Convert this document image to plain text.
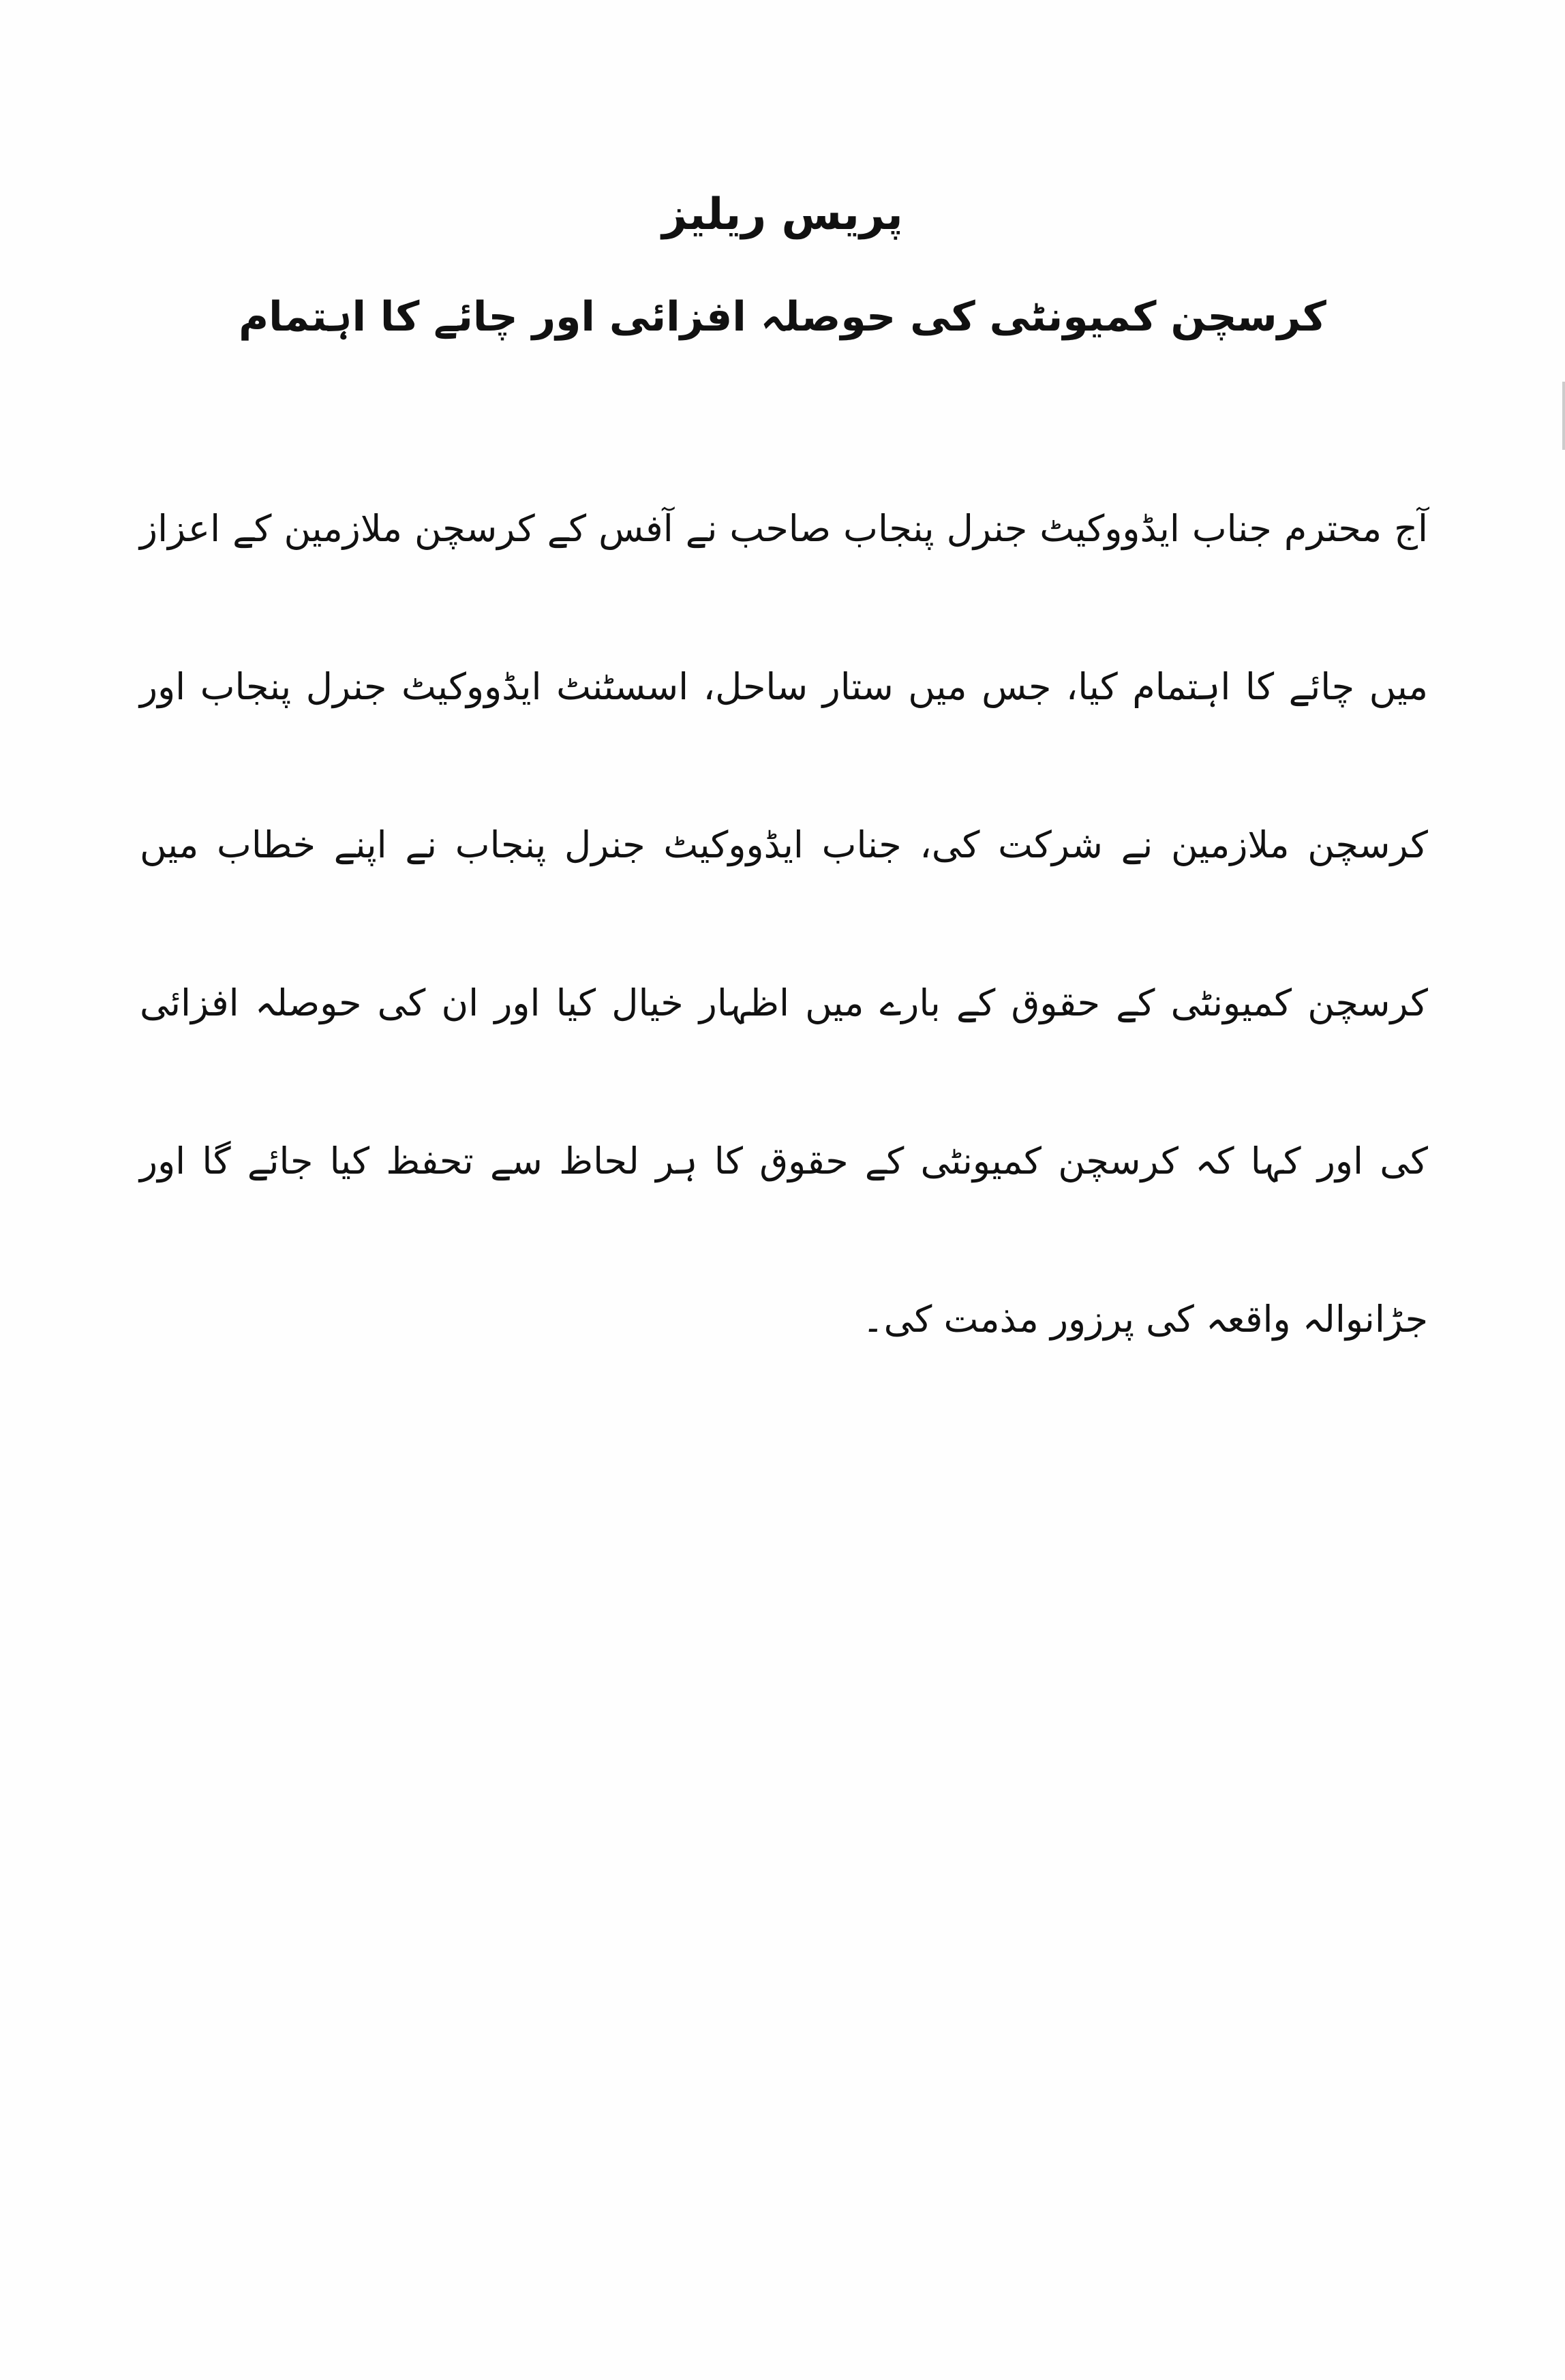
پریس ریلیز
کرسچن کمیونٹی کی حوصلہ افزائی اور چائے کا اہتمام
آج محترم جناب ایڈووکیٹ جنرل پنجاب صاحب نے آفس کے کرسچن ملازمین کے اعزاز میں چائے کا اہتمام کیا، جس میں ستار ساحل، اسسٹنٹ ایڈووکیٹ جنرل پنجاب اور کرسچن ملازمین نے شرکت کی، جناب ایڈووکیٹ جنرل پنجاب نے اپنے خطاب میں کرسچن کمیونٹی کے حقوق کے بارے میں اظہار خیال کیا اور ان کی حوصلہ افزائی کی اور کہا کہ کرسچن کمیونٹی کے حقوق کا ہر لحاظ سے تحفظ کیا جائے گا اور جڑانوالہ واقعہ کی پرزور مذمت کی۔
